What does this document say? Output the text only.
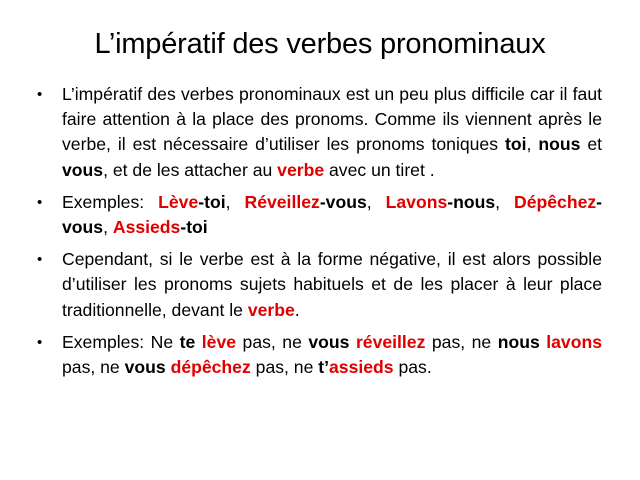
L’impératif des verbes pronominaux
• L’impératif des verbes pronominaux est un peu plus difficile car il faut faire attention à la place des pronoms. Comme ils viennent après le verbe, il est nécessaire d’utiliser les pronoms toniques toi, nous et vous, et de les attacher au verbe avec un tiret .
• Exemples: Lève-toi, Réveillez-vous, Lavons-nous, Dépêchez-vous, Assieds-toi
• Cependant, si le verbe est à la forme négative, il est alors possible d’utiliser les pronoms sujets habituels et de les placer à leur place traditionnelle, devant le verbe.
• Exemples: Ne te lève pas, ne vous réveillez pas, ne nous lavons pas, ne vous dépêchez pas, ne t’assieds pas.
